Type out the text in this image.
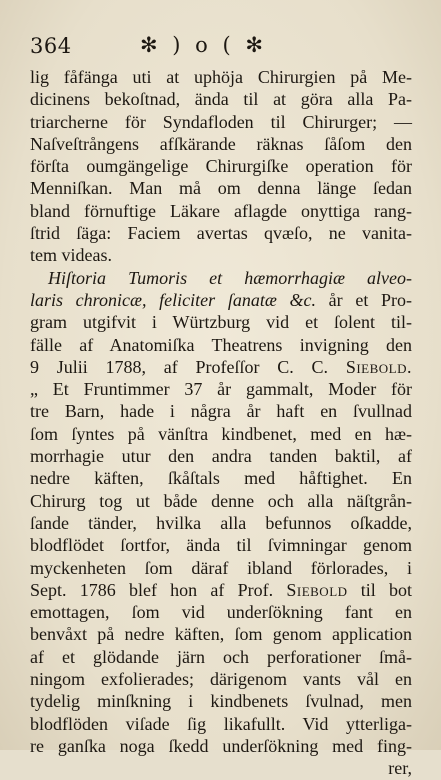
364	✻ ) o ( ✻
lig fåfänga uti at uphöja Chirurgien på Me-
dicinens bekoſtnad, ända til at göra alla Pa-
triarcherne för Syndafloden til Chirurger; —
Naſveſtrångens afſkärande räknas ſåſom den
förſta oumgängelige Chirurgiſke operation för
Menniſkan. Man må om denna länge ſedan
bland förnuftige Läkare aflagde onyttiga rang-
ſtrid ſäga: Faciem avertas qvæſo, ne vanita-
tem videas.
Hiſtoria Tumoris et hæmorrhagiæ alveo-
laris chronicæ, feliciter ſanatæ &c. år et Pro-
gram utgifvit i Würtzburg vid et ſolent til-
fälle af Anatomiſka Theatrens invigning den
9 Julii 1788, af Profeſſor C. C. Siebold.
„ Et Fruntimmer 37 år gammalt, Moder för
tre Barn, hade i några år haft en ſvullnad
ſom ſyntes på vänſtra kindbenet, med en hæ-
morrhagie utur den andra tanden baktil, af
nedre käften, ſkåſtals med håftighet. En
Chirurg tog ut både denne och alla näſtgrån-
ſande tänder, hvilka alla befunnos oſkadde,
blodflödet ſortfor, ända til ſvimningar genom
myckenheten ſom däraf ibland förlorades, i
Sept. 1786 blef hon af Prof. Siebold til bot
emottagen, ſom vid underſökning fant en
benvåxt på nedre käften, ſom genom application
af et glödande järn och perforationer ſmå-
ningom exfolierades; därigenom vants vål en
tydelig minſkning i kindbenets ſvulnad, men
blodflöden viſade ſig likafullt. Vid ytterliga-
re ganſka noga ſkedd underſökning med fing-
rer,
